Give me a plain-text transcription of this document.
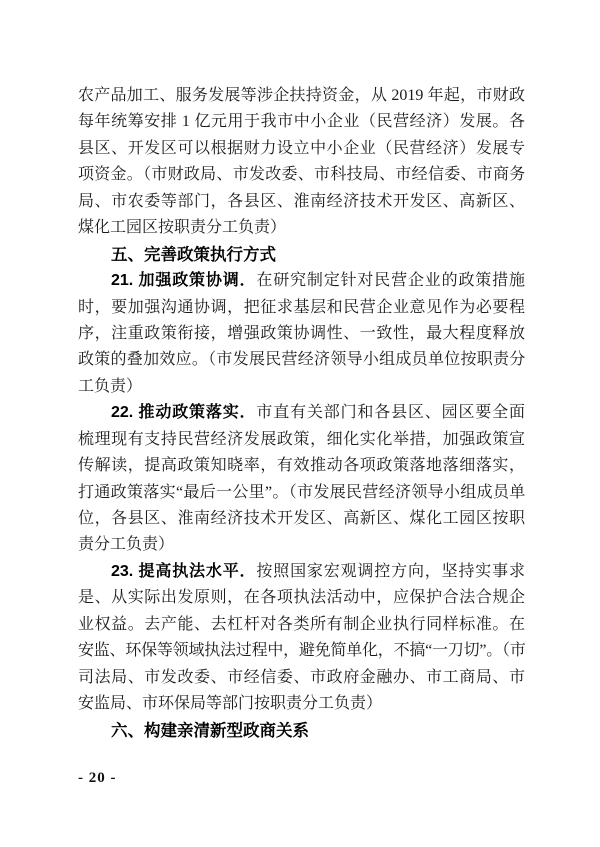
农产品加工、服务发展等涉企扶持资金，从 2019 年起，市财政
每年统筹安排 1 亿元用于我市中小企业（民营经济）发展。各
县区、开发区可以根据财力设立中小企业（民营经济）发展专
项资金。（市财政局、市发改委、市科技局、市经信委、市商务
局、市农委等部门，各县区、淮南经济技术开发区、高新区、
煤化工园区按职责分工负责）
五、完善政策执行方式
21. 加强政策协调．在研究制定针对民营企业的政策措施
时，要加强沟通协调，把征求基层和民营企业意见作为必要程
序，注重政策衔接，增强政策协调性、一致性，最大程度释放
政策的叠加效应。（市发展民营经济领导小组成员单位按职责分
工负责）
22. 推动政策落实．市直有关部门和各县区、园区要全面
梳理现有支持民营经济发展政策，细化实化举措，加强政策宣
传解读，提高政策知晓率，有效推动各项政策落地落细落实，
打通政策落实“最后一公里”。（市发展民营经济领导小组成员单
位，各县区、淮南经济技术开发区、高新区、煤化工园区按职
责分工负责）
23. 提高执法水平．按照国家宏观调控方向，坚持实事求
是、从实际出发原则，在各项执法活动中，应保护合法合规企
业权益。去产能、去杠杆对各类所有制企业执行同样标准。在
安监、环保等领域执法过程中，避免简单化，不搞“一刀切”。（市
司法局、市发改委、市经信委、市政府金融办、市工商局、市
安监局、市环保局等部门按职责分工负责）
六、构建亲清新型政商关系
- 20 -
